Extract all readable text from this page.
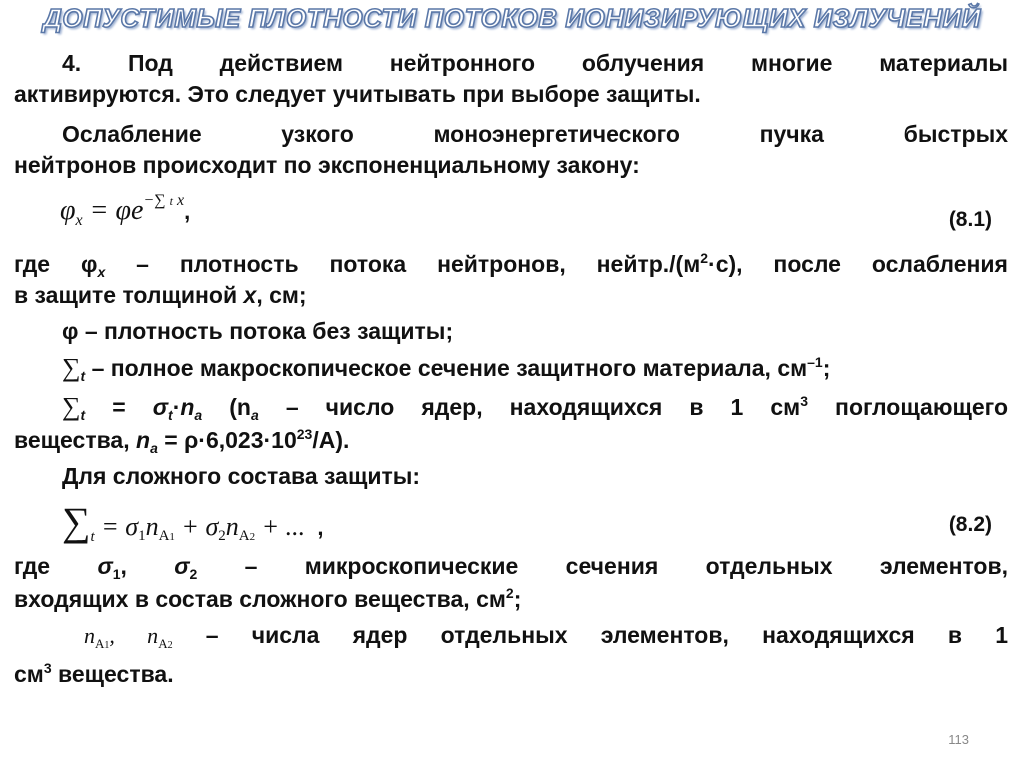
ДОПУСТИМЫЕ ПЛОТНОСТИ ПОТОКОВ ИОНИЗИРУЮЩИХ ИЗЛУЧЕНИЙ
4. Под действием нейтронного облучения многие материалы
активируются. Это следует учитывать при выборе защиты.
Ослабление узкого моноэнергетического пучка быстрых
нейтронов происходит по экспоненциальному закону:
$\varphi_x = \varphi e^{-\sum t x}$,	(8.1)
где $\varphi_x$ – плотность потока нейтронов, $нейтр./(м^2\cdot с)$, после ослабления
в защите толщиной x, см;
φ – плотность потока без защиты;
$\sum_t$ – полное макроскопическое сечение защитного материала, $см^{-1}$;
$\sum_t = \sigma_t\cdot n_a$ ($n_a$ – число ядер, находящихся в 1 $см^3$ поглощающего
вещества, $n_a = \rho\cdot 6,023\cdot 10^{23}/A$).
Для сложного состава защиты:
$\sum_t = \sigma 1nA1 + \sigma 2nA2$ + ...  ,	(8.2)
где $\sigma_1$, $\sigma_2$ – микроскопические сечения отдельных элементов,
входящих в состав сложного вещества, $см^2$;
$n_{A1}$, $n_{A2}$ – числа ядер отдельных элементов, находящихся в 1
$см^3$ вещества.
113
